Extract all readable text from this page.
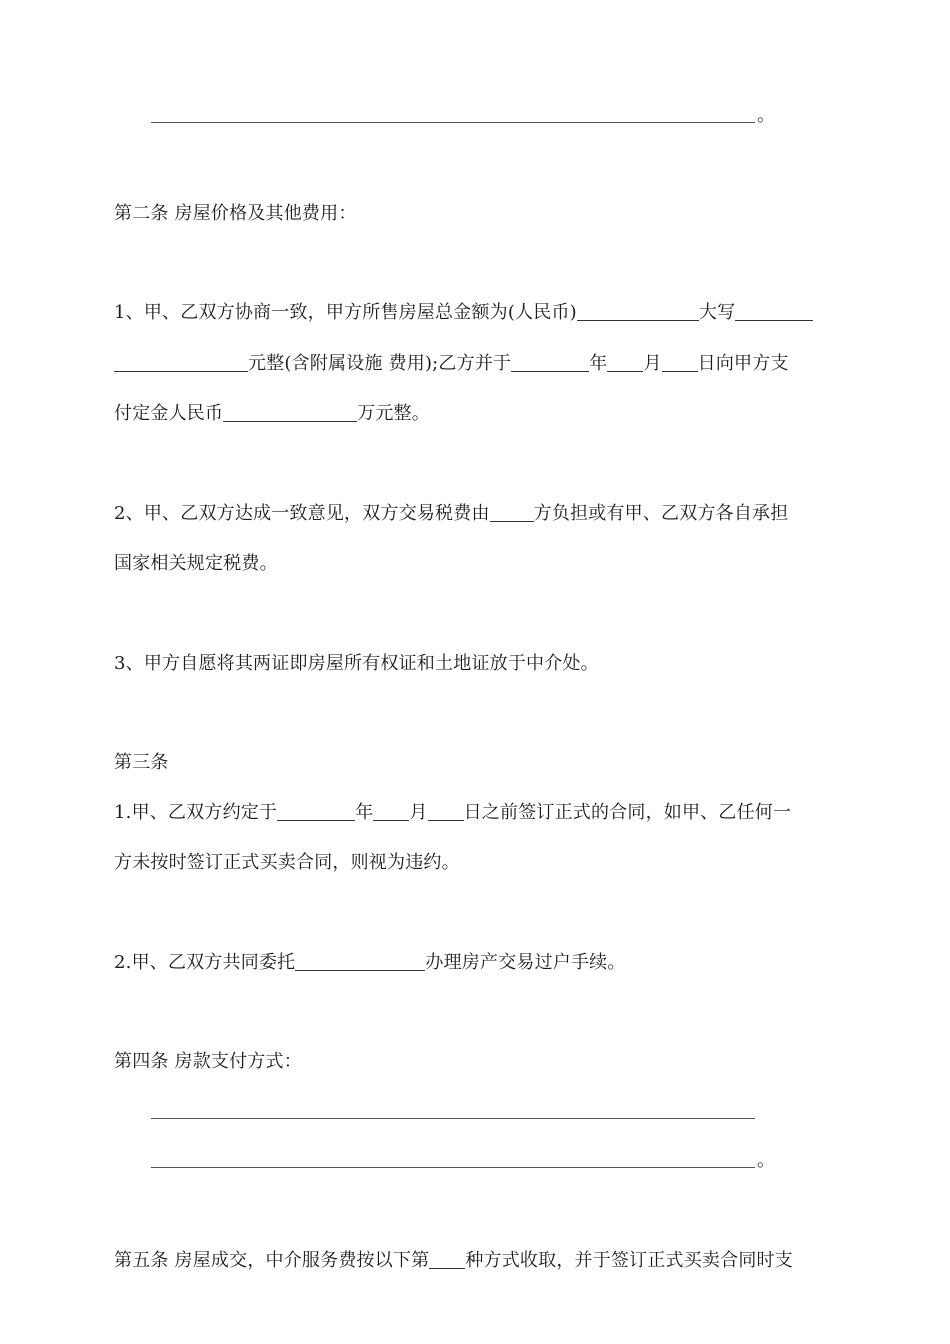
。
第二条 房屋价格及其他费用：
1、甲、乙双方协商一致，甲方所售房屋总金额为(人民币)	大写
元整(含附属设施 费用);乙方并于	年 月 日向甲方支
付定金人民币	万元整。
2、甲、乙双方达成一致意见，双方交易税费由 方负担或有甲、乙双方各自承担
国家相关规定税费。
3、甲方自愿将其两证即房屋所有权证和土地证放于中介处。
第三条
1.甲、乙双方约定于	年 月 日之前签订正式的合同，如甲、乙任何一
方未按时签订正式买卖合同，则视为违约。
2.甲、乙双方共同委托	办理房产交易过户手续。
第四条 房款支付方式：
。
第五条 房屋成交，中介服务费按以下第 种方式收取，并于签订正式买卖合同时支
